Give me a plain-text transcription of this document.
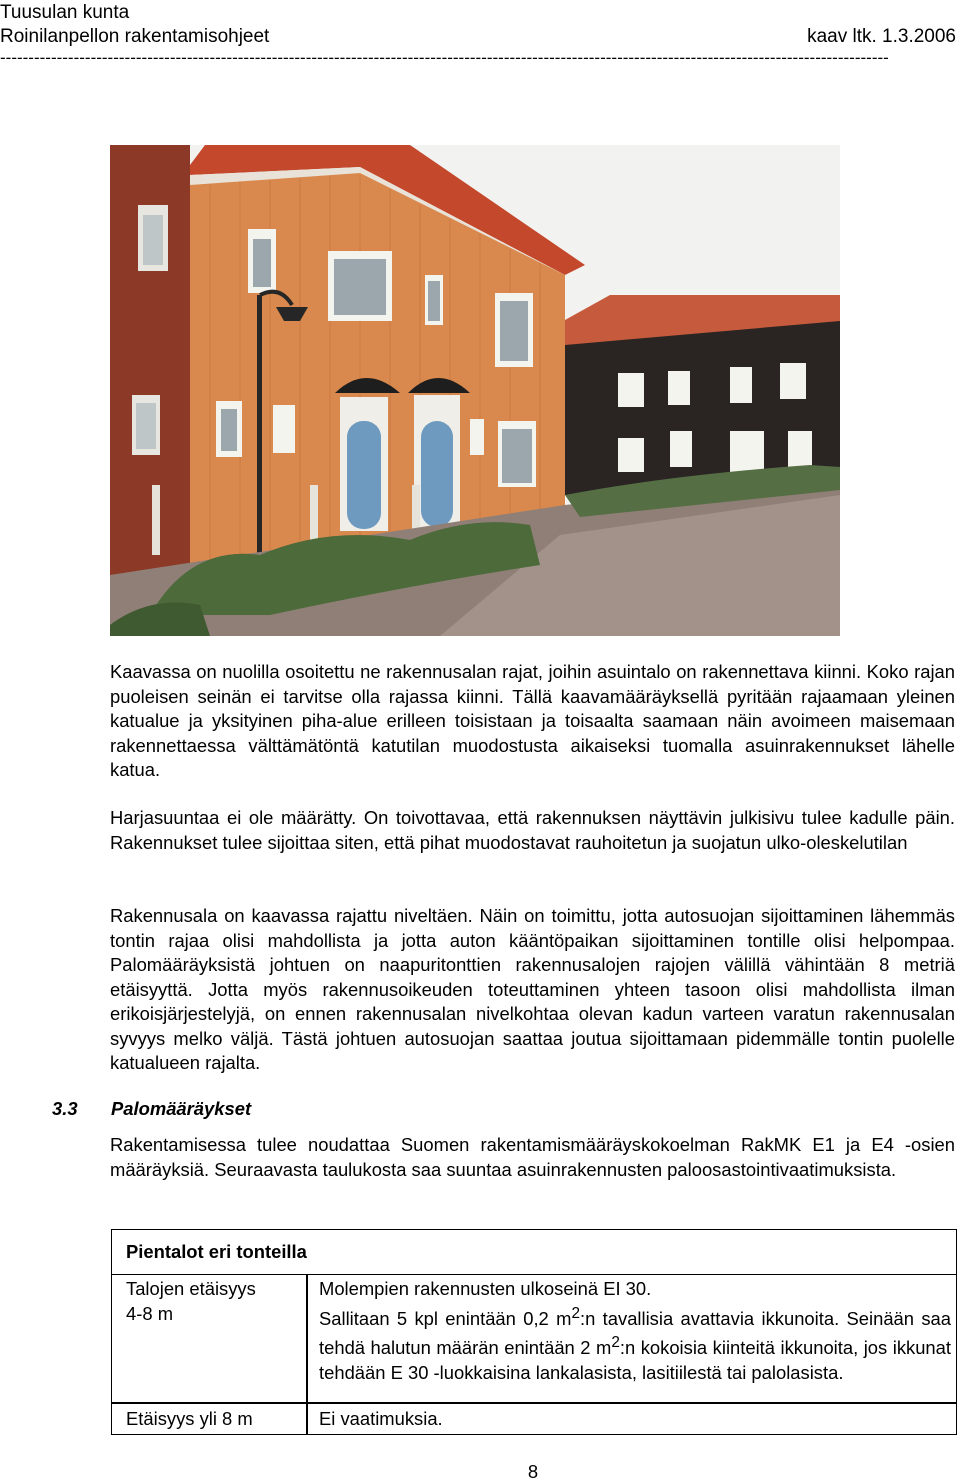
Tuusulan kunta
Roinilanpellon rakentamisohjeet	kaav ltk. 1.3.2006
-------------------------------------------------------------------------------------------------------------------------------------------------------------

Kaavassa on nuolilla osoitettu ne rakennusalan rajat, joihin asuintalo on rakennettava kiinni. Koko rajan puoleisen seinän ei tarvitse olla rajassa kiinni. Tällä kaavamääräyksellä pyritään rajaamaan yleinen katualue ja yksityinen piha-alue erilleen toisistaan ja toisaalta saamaan näin avoimeen maisemaan rakennettaessa välttämätöntä katutilan muodostusta aikaiseksi tuomalla asuinrakennukset lähelle katua.

Harjasuuntaa ei ole määrätty. On toivottavaa, että rakennuksen näyttävin julkisivu tulee kadulle päin. Rakennukset tulee sijoittaa siten, että pihat muodostavat rauhoitetun ja suojatun ulko-oleskelutilan

Rakennusala on kaavassa rajattu niveltäen. Näin on toimittu, jotta autosuojan sijoittaminen lähemmäs tontin rajaa olisi mahdollista ja jotta auton kääntöpaikan sijoittaminen tontille olisi helpompaa. Palomääräyksistä johtuen on naapuritonttien rakennusalojen rajojen välillä vähintään 8 metriä etäisyyttä. Jotta myös rakennusoikeuden toteuttaminen yhteen tasoon olisi mahdollista ilman erikoisjärjestelyjä, on ennen rakennusalan nivelkohtaa olevan kadun varteen varatun rakennusalan syvyys melko väljä. Tästä johtuen autosuojan saattaa joutua sijoittamaan pidemmälle tontin puolelle katualueen rajalta.

3.3 Palomääräykset

Rakentamisessa tulee noudattaa Suomen rakentamismääräyskokoelman RakMK E1 ja E4 -osien määräyksiä. Seuraavasta taulukosta saa suuntaa asuinrakennusten paloosastointivaatimuksista.

Pientalot eri tonteilla
Talojen etäisyys
4-8 m
Molempien rakennusten ulkoseinä EI 30.
Sallitaan 5 kpl enintään 0,2 $m^2:n$ tavallisia avattavia ikkunoita. Seinään saa tehdä halutun määrän enintään 2 $m^2:n$ kokoisia kiinteitä ikkunoita, jos ikkunat tehdään E 30 -luokkaisina lankalasista, lasitiilestä tai palolasista.
Etäisyys yli 8 m	Ei vaatimuksia.
8
